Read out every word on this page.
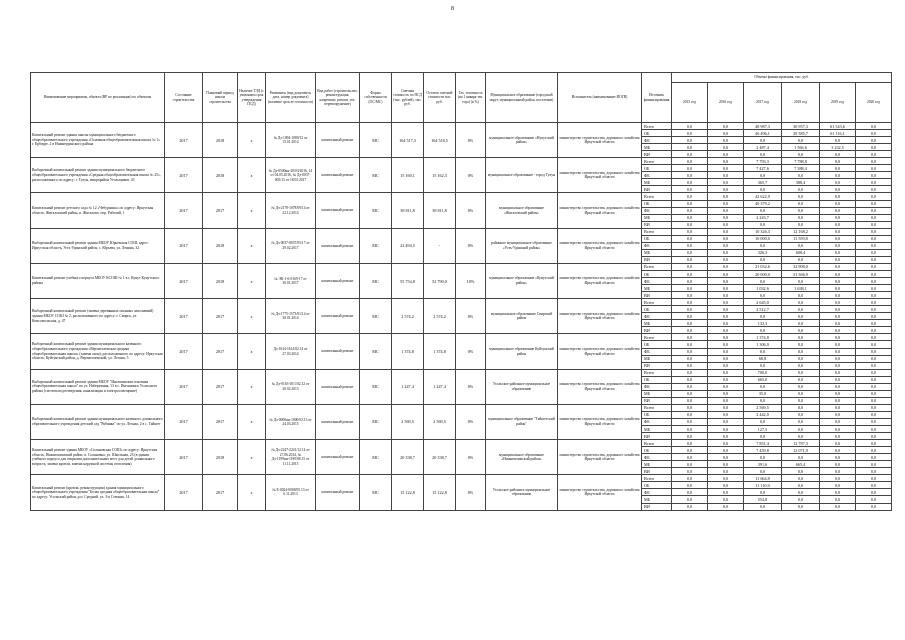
8
Наименование мероприятия, объекта (ВР по реализации) по объектам	Состояние строительства	Плановый период начала строительства	Наличие ТЭД (с указанием срок утверждения ПСД)	Реквизиты (вид документа, дата, номер документа) (наличие срок ее готовности)	Вид работ (строительство, реконструкция, капремонт, ремонт, тех. перевооружение)	Форма собственности (ОС/МС)	Сметная стоимость по ПСД (тыс. рублей), тыс. руб.	Остаток сметной стоимости тыс. руб.	Тех. готовность (на 1 января тек. года) (в %)	Муниципальное образование (городской округ, муниципальный район, поселение)	Исполнитель (наименование ИОГВ)	Источник финансирования	Объемы финансирования, тыс. руб.					
													2015 год	2016 год	2017 год	2018 год	2019 год	2020 год
Капитальный ремонт здания школы муниципального бюджетного общеобразовательного учреждения «Основная общеобразовательная школа № 1» г. Ербауре, 2 в Нижнеудинского района	2017	2018	х	№ Дз-1094-1080/12 от 15.01.2014	капитальный ремонт	МС	164 517,3	164 518,5	0%	муниципальное образование «Нукутский район»	министерство строительства, дорожного хозяйства Иркутской области	Всего	0,0	0,0	48 987,3	30 957,3	61 543,6	0,0
												ОБ	0,0	0,0	46 496,1	29 385,7	61 116,1	0,0
												ФБ	0,0	0,0	0,0	0,0	0,0	0,0
												МБ	0,0	0,0	2 487,4	1 566,6	3 232,5	0,0
												ВИ	0,0	0,0	0,0	0,0	0,0	0,0
Выборочный капитальный ремонт здания муниципального бюджетного общеобразовательного учреждения «Средняя общеобразовательная школа № 25», расположенного по адресу: г. Тулун, микрорайон Угольщиков, 43	2017	2018	х	№ Дз-0500ин-20/03/2016, 14 от 04.05.2016, № Дз-0037-005/13 от 18.03.2017	капитальный ремонт	МС	15 160,1	15 162,3	0%	муниципальное образование - город Тулун	министерство строительства, дорожного хозяйства Иркутской области	Всего	0,0	0,0	7 793,3	7 788,8	0,0	0,0
												ОБ	0,0	0,0	7 427,6	7 388,4	0,0	0,0
												ФБ	0,0	0,0	0,0	0,0	0,0	0,0
												МБ	0,0	0,0	365,7	388,4	0,0	0,0
												ВИ	0,0	0,0	0,0	0,0	0,0	0,0
Капитальный ремонт детского сада № 12 «Чебурашка» по адресу: Иркутская область, Жигаловский район, п. Жигалово, пер. Рабочий, 1	2017	2017	х	№ Дз-2178-1078/09/14 от 22.12.2014	капитальный ремонт	МС	38 811,8	38 811,8	0%	муниципальное образование «Жигаловский район»	министерство строительства, дорожного хозяйства Иркутской области	Всего	0,0	0,0	42 622,9	0,0	0,0	0,0
												ОБ	0,0	0,0	40 379,2	0,0	0,0	0,0
												ФБ	0,0	0,0	0,0	0,0	0,0	0,0
												МБ	0,0	0,0	2 243,7	0,0	0,0	0,0
												ВИ	0,0	0,0	0,0	0,0	0,0	0,0
Выборочный капитальный ремонт здания МБОУ Юрьевская СОШ, адрес: Иркутская область, Усть-Удинский район, с. Юрьева, ул. Ленина, 32	2017	2018	х	№ Дз-0037-8037/05/17 от 29.02.2017	капитальный ремонт	МС	22 494,5	-	0%	районное муниципальное образование «Усть-Удинский район»	министерство строительства, дорожного хозяйства Иркутской области	Всего	0,0	0,0	10 326,3	12 168,2	0,0	0,0
												ОБ	0,0	0,0	10 000,0	11 559,8	0,0	0,0
												ФБ	0,0	0,0	0,0	0,0	0,0	0,0
												МБ	0,0	0,0	326,3	608,4	0,0	0,0
												ВИ	0,0	0,0	0,0	0,0	0,0	0,0
Капитальный ремонт учебного корпуса МБОУ КСОШ № 1 в г. Кунут Кунутского района	2017	2018	х	№ ЭК-1-6-0169-17 от 30.01.2017	капитальный ремонт	МС	55 754,8	52 790,0	10%	муниципальное образование «Кунутский район»	министерство строительства, дорожного хозяйства Иркутской области	Всего	0,0	0,0	21 032,6	32 908,0	0,0	0,0
												ОБ	0,0	0,0	20 000,0	31 366,9	0,0	0,0
												ФБ	0,0	0,0	0,0	0,0	0,0	0,0
												МБ	0,0	0,0	1 032,6	1 638,1	0,0	0,0
												ВИ	0,0	0,0	0,0	0,0	0,0	0,0
Выборочный капитальный ремонт (замена деревянных оконных заполнений) здания МБОУ СОШ № 2, расположенного по адресу: г. Свирск, ул. Комсомольская, д. 47	2017	2017	х	№ Дз-1775-1573/01/14 от 30.01.2014	капитальный ремонт	МС	2 574,2	2 574,2	0%	муниципальное образование Свирский район	министерство строительства, дорожного хозяйства Иркутской области	Всего	0,0	0,0	2 645,0	0,0	0,0	0,0
												ОБ	0,0	0,0	2 512,7	0,0	0,0	0,0
												ФБ	0,0	0,0	0,0	0,0	0,0	0,0
												МБ	0,0	0,0	132,3	0,0	0,0	0,0
												ВИ	0,0	0,0	0,0	0,0	0,0	0,0
Выборочный капитальный ремонт здания муниципального казенного общеобразовательного учреждения «Верхнеоленская средняя общеобразовательная школа» (замена окон), расположенного по адресу: Иркутская область, Куйтунский район, д. Верхнеоленский, ул. Лесная, 5	2017	2017	х	Дз-1634-1614/02.14 от 27.03.2014	капитальный ремонт	МС	1 374,8	1 374,8	0%	муниципальное образование Куйтунский район	министерство строительства, дорожного хозяйства Иркутской области	Всего	0,0	0,0	1 374,8	0,0	0,0	0,0
												ОБ	0,0	0,0	1 306,0	0,0	0,0	0,0
												ФБ	0,0	0,0	0,0	0,0	0,0	0,0
												МБ	0,0	0,0	68,8	0,0	0,0	0,0
												ВИ	0,0	0,0	0,0	0,0	0,0	0,0
Выборочный капитальный ремонт здания МБОУ "Ингашинская основная общеобразовательная школа" по ул. Набережная, 13 в с. Ингашинск Усольского района (система водоотведения, канализация и электроосвещение)	2017	2017	х	№ Дз-0163-05/1/02.12 от 20.02.2013	капитальный ремонт	МС	1 247,4	1 247,4	0%	Усольское районное муниципальное образование	министерство строительства, дорожного хозяйства Иркутской области	Всего	0,0	0,0	700,0	0,0	0,0	0,0
												ОБ	0,0	0,0	665,0	0,0	0,0	0,0
												ФБ	0,0	0,0	0,0	0,0	0,0	0,0
												МБ	0,0	0,0	35,0	0,0	0,0	0,0
												ВИ	0,0	0,0	0,0	0,0	0,0	0,0
Выборочный капитальный ремонт здания муниципального казенного дошкольного образовательного учреждения детский сад "Рябинка" по ул. Лесная, 2 в с. Тайшет	2017	2017	х	№ Дз-0000ин-1000/02.13 от 24.03.2015	капитальный ремонт	МС	2 569,5	2 569,5	0%	муниципальное образование "Тайшетский район"	министерство строительства, дорожного хозяйства Иркутской области	Всего	0,0	0,0	2 569,5	0,0	0,0	0,0
												ОБ	0,0	0,0	2 442,0	0,0	0,0	0,0
												ФБ	0,0	0,0	0,0	0,0	0,0	0,0
												МБ	0,0	0,0	127,5	0,0	0,0	0,0
												ВИ	0,0	0,0	0,0	0,0	0,0	0,0
Капитальный ремонт здания МБОУ «Соляновская СОШ» по адресу: Иркутская область, Нижнеилимский район, п. Соляновка, ул. Школьная, 23 (в здании учебного корпуса для открытия дополнительных мест для детей дошкольного возраста, замена кровли, замена наружной системы отопления)	2017	2018	х	№ Дз-2247-2241/12.14 от 27.06.2014, № Дз-1199ин-1190/08.15 от 11.11.2015	капитальный ремонт	МС	20 338,7	20 338,7	0%	муниципальное образование «Нижнеилимский район»	министерство строительства, дорожного хозяйства Иркутской области	Всего	0,0	0,0	7 851,4	12 787,3	0,0	0,0
												ОБ	0,0	0,0	7 459,8	12 071,9	0,0	0,0
												ФБ	0,0	0,0	0,0	0,0	0,0	0,0
												МБ	0,0	0,0	391,6	665,4	0,0	0,0
												ВИ	0,0	0,0	0,0	0,0	0,0	0,0
Капитальный ремонт (кровли, реконструкция) здания муниципального общеобразовательного учреждения "Белая средняя общеобразовательная школа" по адресу: Усольский район, р.п. Средний, ул. 3-я Степная, 14	2017	2017	х	№ Е-0024-0008/05.13 от 6.11.2013	капитальный ремонт	МС	15 122,8	15 122,8	0%	Усольское районное муниципальное образование	министерство строительства, дорожного хозяйства Иркутской области	Всего	0,0	0,0	11 664,8	0,0	0,0	0,0
												ОБ	0,0	0,0	11 110,0	0,0	0,0	0,0
												ФБ	0,0	0,0	0,0	0,0	0,0	0,0
												МБ	0,0	0,0	554,8	0,0	0,0	0,0
												ВИ	0,0	0,0	0,0	0,0	0,0	0,0
